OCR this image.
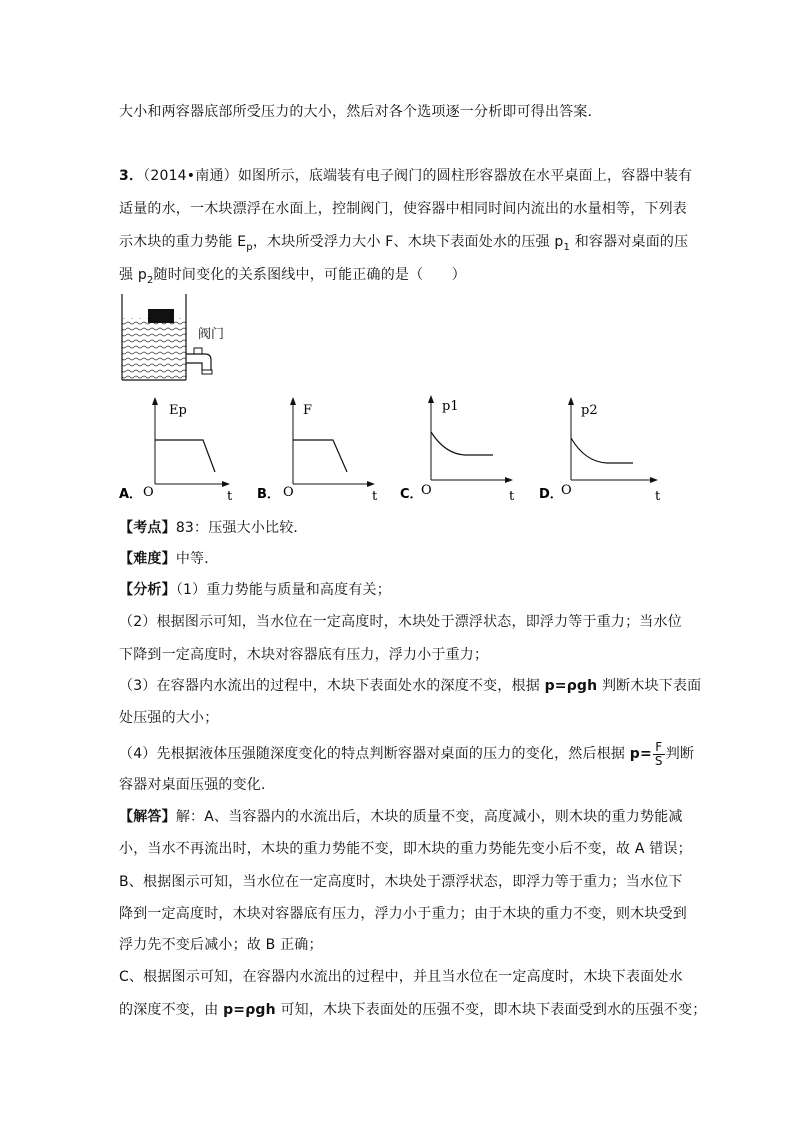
大小和两容器底部所受压力的大小，然后对各个选项逐一分析即可得出答案．
3．（2014•南通）如图所示，底端装有电子阀门的圆柱形容器放在水平桌面上，容器中装有
适量的水，一木块漂浮在水面上，控制阀门，使容器中相同时间内流出的水量相等，下列表
示木块的重力势能 $E_p$，木块所受浮力大小 F、木块下表面处水的压强 $p_1$ 和容器对桌面的压
强 $p_2$随时间变化的关系图线中，可能正确的是（　　）
阀门
Ep
O	t
A．
F
O	t
B．
p1
O	t
C．
p2
O	t
D．
【考点】83：压强大小比较．
【难度】中等．
【分析】（1）重力势能与质量和高度有关；
（2）根据图示可知，当水位在一定高度时，木块处于漂浮状态，即浮力等于重力；当水位
下降到一定高度时，木块对容器底有压力，浮力小于重力；
（3）在容器内水流出的过程中，木块下表面处水的深度不变，根据 p=ρgh 判断木块下表面
处压强的大小；
（4）先根据液体压强随深度变化的特点判断容器对桌面的压力的变化，然后根据 $p= \frac{F}{S}$ 判断
容器对桌面压强的变化．
【解答】解：A、当容器内的水流出后，木块的质量不变，高度减小，则木块的重力势能减
小，当水不再流出时，木块的重力势能不变，即木块的重力势能先变小后不变，故 A 错误；
B、根据图示可知，当水位在一定高度时，木块处于漂浮状态，即浮力等于重力；当水位下
降到一定高度时，木块对容器底有压力，浮力小于重力；由于木块的重力不变，则木块受到
浮力先不变后减小；故 B 正确；
C、根据图示可知，在容器内水流出的过程中，并且当水位在一定高度时，木块下表面处水
的深度不变，由 p=ρgh 可知，木块下表面处的压强不变，即木块下表面受到水的压强不变；
